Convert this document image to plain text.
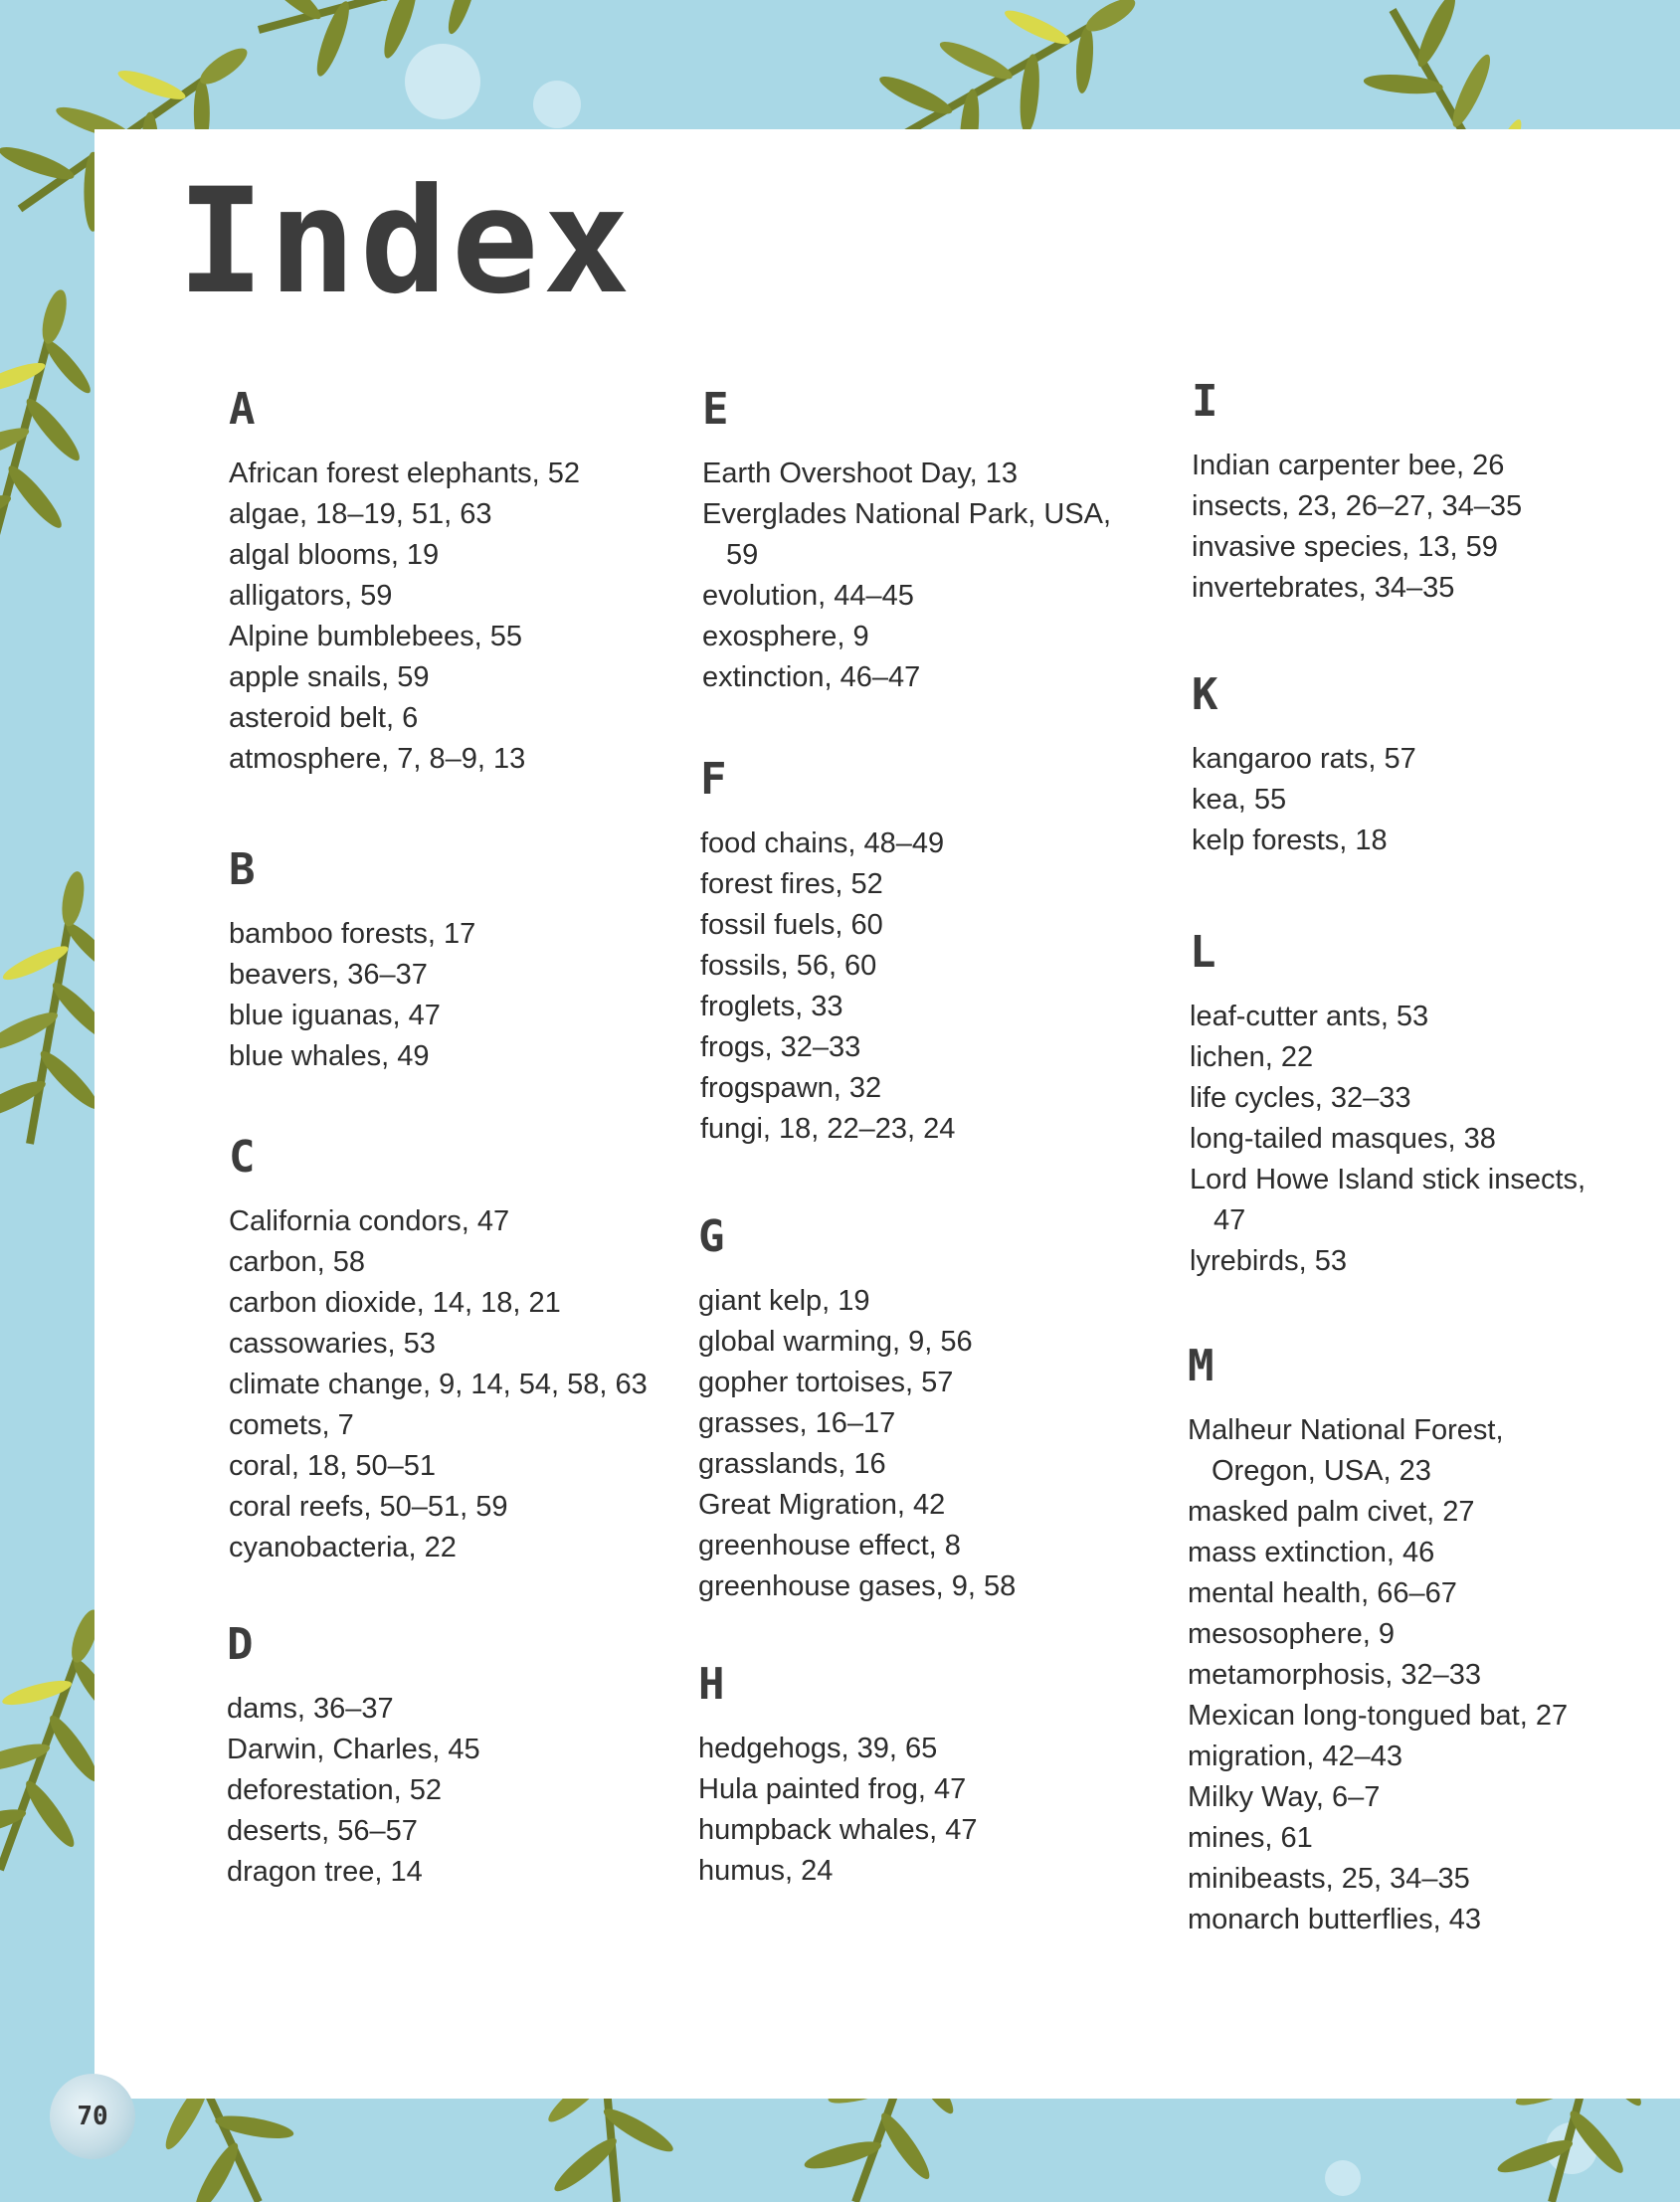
Index
70
A
African forest elephants, 52
algae, 18–19, 51, 63
algal blooms, 19
alligators, 59
Alpine bumblebees, 55
apple snails, 59
asteroid belt, 6
atmosphere, 7, 8–9, 13
B
bamboo forests, 17
beavers, 36–37
blue iguanas, 47
blue whales, 49
C
California condors, 47
carbon, 58
carbon dioxide, 14, 18, 21
cassowaries, 53
climate change, 9, 14, 54, 58, 63
comets, 7
coral, 18, 50–51
coral reefs, 50–51, 59
cyanobacteria, 22
D
dams, 36–37
Darwin, Charles, 45
deforestation, 52
deserts, 56–57
dragon tree, 14
E
Earth Overshoot Day, 13
Everglades National Park, USA,
59
evolution, 44–45
exosphere, 9
extinction, 46–47
F
food chains, 48–49
forest fires, 52
fossil fuels, 60
fossils, 56, 60
froglets, 33
frogs, 32–33
frogspawn, 32
fungi, 18, 22–23, 24
G
giant kelp, 19
global warming, 9, 56
gopher tortoises, 57
grasses, 16–17
grasslands, 16
Great Migration, 42
greenhouse effect, 8
greenhouse gases, 9, 58
H
hedgehogs, 39, 65
Hula painted frog, 47
humpback whales, 47
humus, 24
I
Indian carpenter bee, 26
insects, 23, 26–27, 34–35
invasive species, 13, 59
invertebrates, 34–35
K
kangaroo rats, 57
kea, 55
kelp forests, 18
L
leaf-cutter ants, 53
lichen, 22
life cycles, 32–33
long-tailed masques, 38
Lord Howe Island stick insects,
47
lyrebirds, 53
M
Malheur National Forest,
Oregon, USA, 23
masked palm civet, 27
mass extinction, 46
mental health, 66–67
mesosophere, 9
metamorphosis, 32–33
Mexican long-tongued bat, 27
migration, 42–43
Milky Way, 6–7
mines, 61
minibeasts, 25, 34–35
monarch butterflies, 43
